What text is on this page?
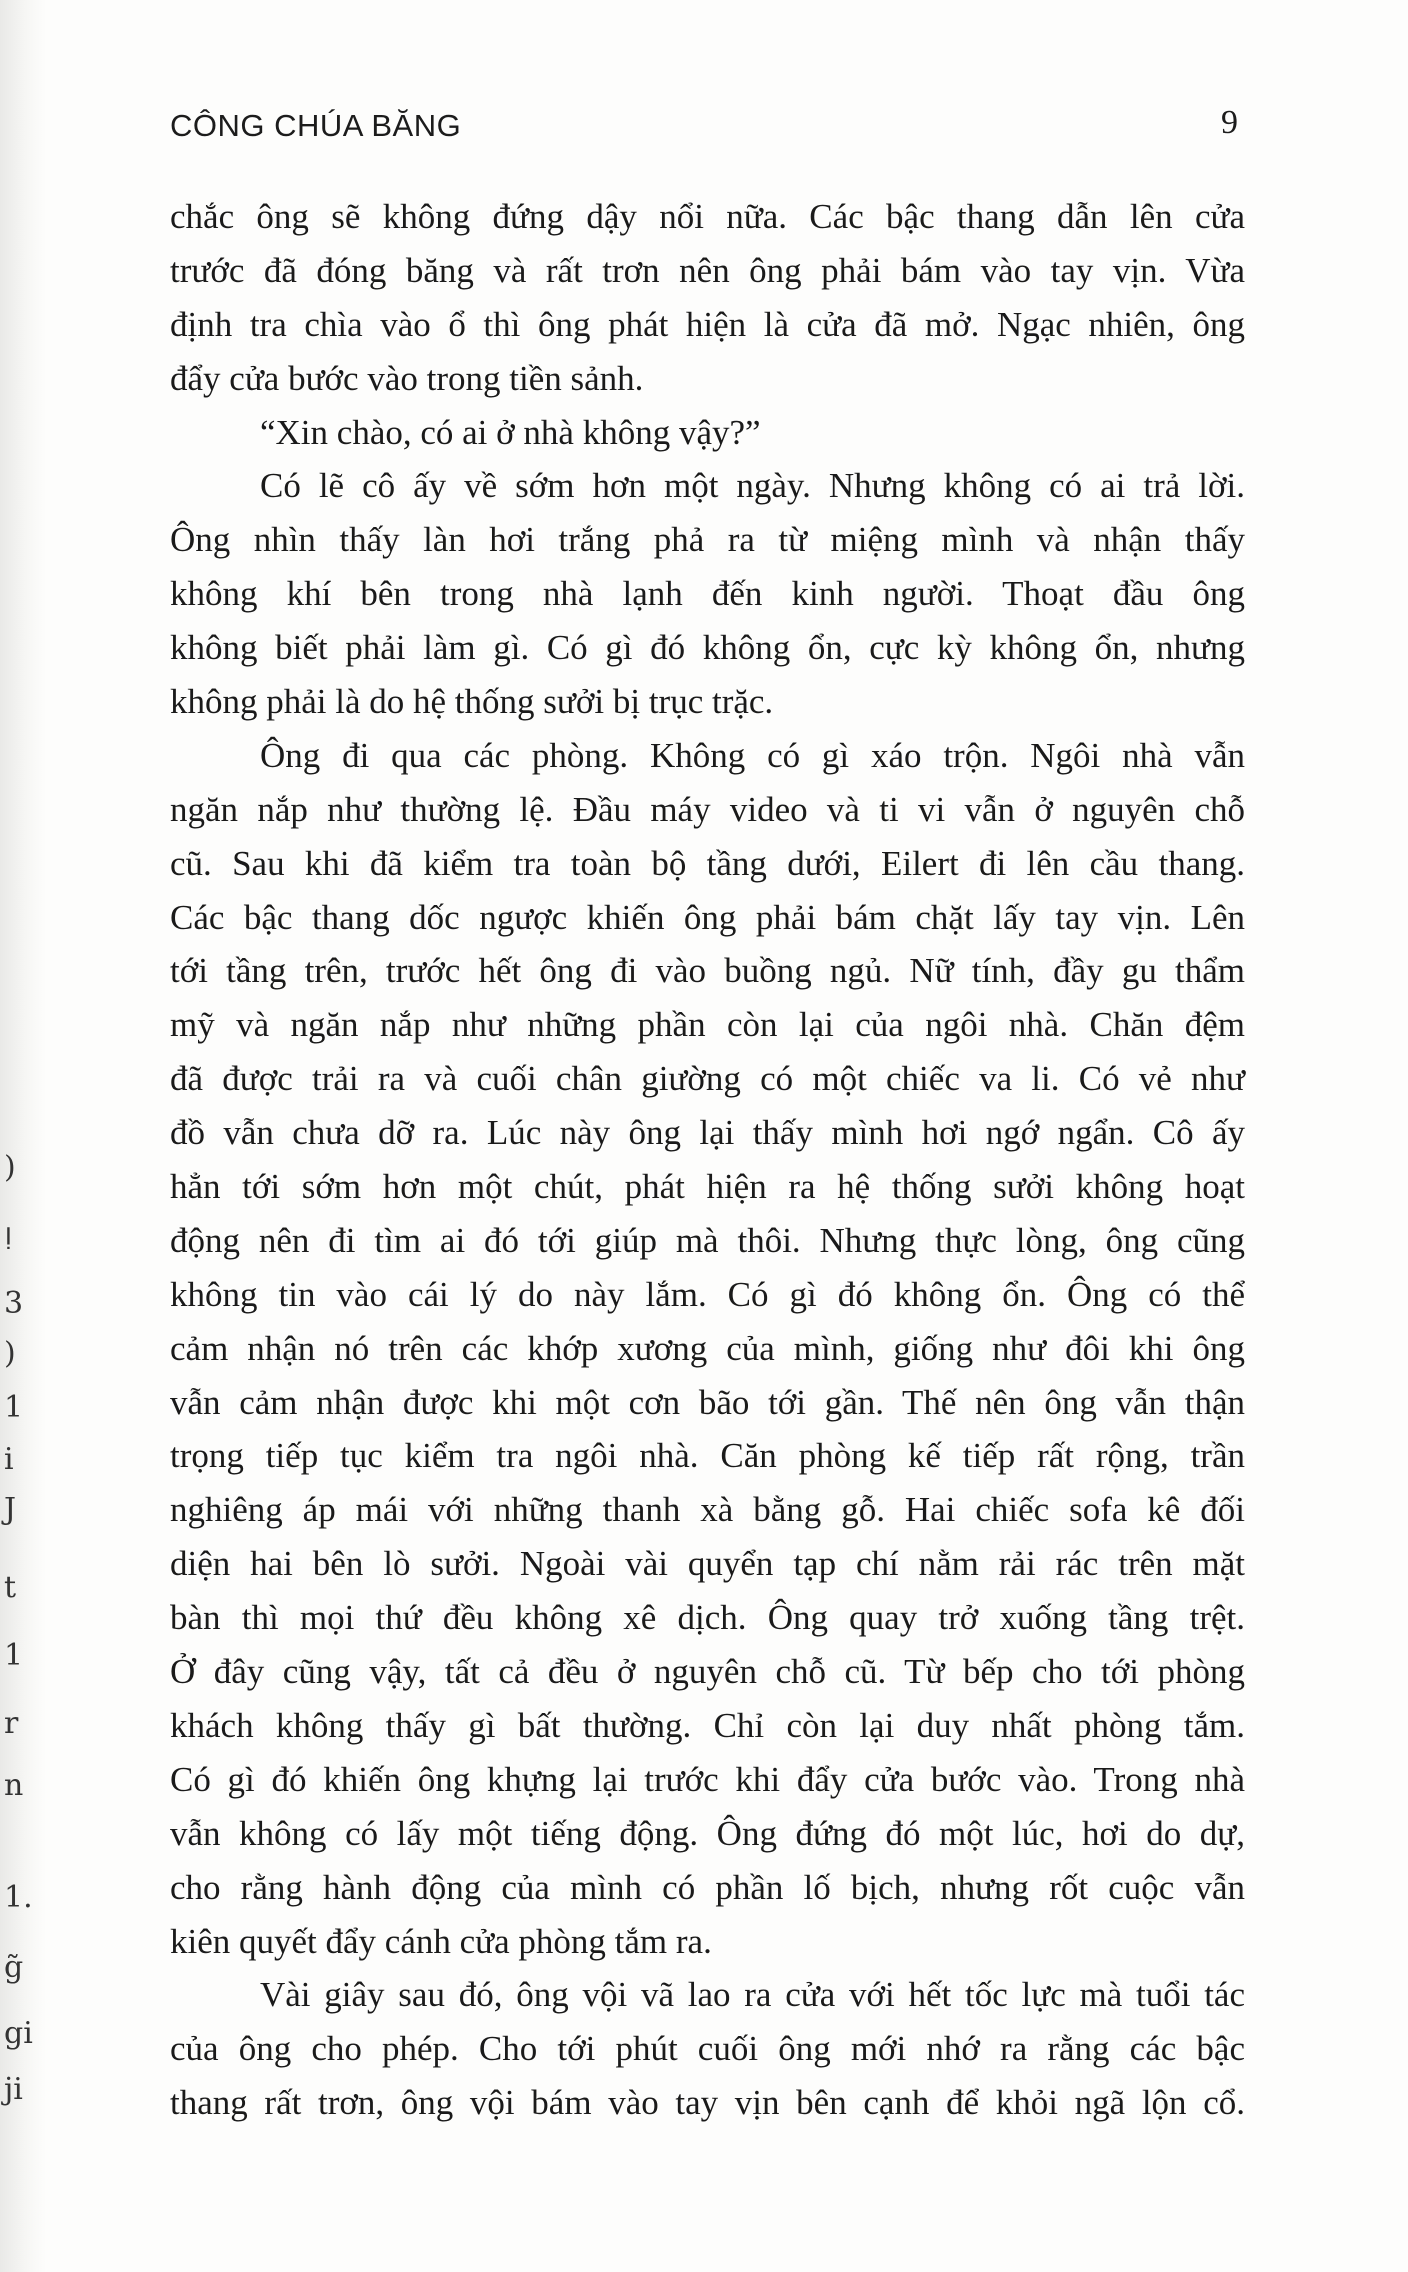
)
ǃ
3
)
1
i
J
t
1
r
n
1.
g̃
gi
ji
CÔNG CHÚA BĂNG	9
chắc ông sẽ không đứng dậy nổi nữa. Các bậc thang dẫn lên cửa
trước đã đóng băng và rất trơn nên ông phải bám vào tay vịn. Vừa
định tra chìa vào ổ thì ông phát hiện là cửa đã mở. Ngạc nhiên, ông
đẩy cửa bước vào trong tiền sảnh.
“Xin chào, có ai ở nhà không vậy?”
Có lẽ cô ấy về sớm hơn một ngày. Nhưng không có ai trả lời.
Ông nhìn thấy làn hơi trắng phả ra từ miệng mình và nhận thấy
không khí bên trong nhà lạnh đến kinh người. Thoạt đầu ông
không biết phải làm gì. Có gì đó không ổn, cực kỳ không ổn, nhưng
không phải là do hệ thống sưởi bị trục trặc.
Ông đi qua các phòng. Không có gì xáo trộn. Ngôi nhà vẫn
ngăn nắp như thường lệ. Đầu máy video và ti vi vẫn ở nguyên chỗ
cũ. Sau khi đã kiểm tra toàn bộ tầng dưới, Eilert đi lên cầu thang.
Các bậc thang dốc ngược khiến ông phải bám chặt lấy tay vịn. Lên
tới tầng trên, trước hết ông đi vào buồng ngủ. Nữ tính, đầy gu thẩm
mỹ và ngăn nắp như những phần còn lại của ngôi nhà. Chăn đệm
đã được trải ra và cuối chân giường có một chiếc va li. Có vẻ như
đồ vẫn chưa dỡ ra. Lúc này ông lại thấy mình hơi ngớ ngẩn. Cô ấy
hẳn tới sớm hơn một chút, phát hiện ra hệ thống sưởi không hoạt
động nên đi tìm ai đó tới giúp mà thôi. Nhưng thực lòng, ông cũng
không tin vào cái lý do này lắm. Có gì đó không ổn. Ông có thể
cảm nhận nó trên các khớp xương của mình, giống như đôi khi ông
vẫn cảm nhận được khi một cơn bão tới gần. Thế nên ông vẫn thận
trọng tiếp tục kiểm tra ngôi nhà. Căn phòng kế tiếp rất rộng, trần
nghiêng áp mái với những thanh xà bằng gỗ. Hai chiếc sofa kê đối
diện hai bên lò sưởi. Ngoài vài quyển tạp chí nằm rải rác trên mặt
bàn thì mọi thứ đều không xê dịch. Ông quay trở xuống tầng trệt.
Ở đây cũng vậy, tất cả đều ở nguyên chỗ cũ. Từ bếp cho tới phòng
khách không thấy gì bất thường. Chỉ còn lại duy nhất phòng tắm.
Có gì đó khiến ông khựng lại trước khi đẩy cửa bước vào. Trong nhà
vẫn không có lấy một tiếng động. Ông đứng đó một lúc, hơi do dự,
cho rằng hành động của mình có phần lố bịch, nhưng rốt cuộc vẫn
kiên quyết đẩy cánh cửa phòng tắm ra.
Vài giây sau đó, ông vội vã lao ra cửa với hết tốc lực mà tuổi tác
của ông cho phép. Cho tới phút cuối ông mới nhớ ra rằng các bậc
thang rất trơn, ông vội bám vào tay vịn bên cạnh để khỏi ngã lộn cổ.
